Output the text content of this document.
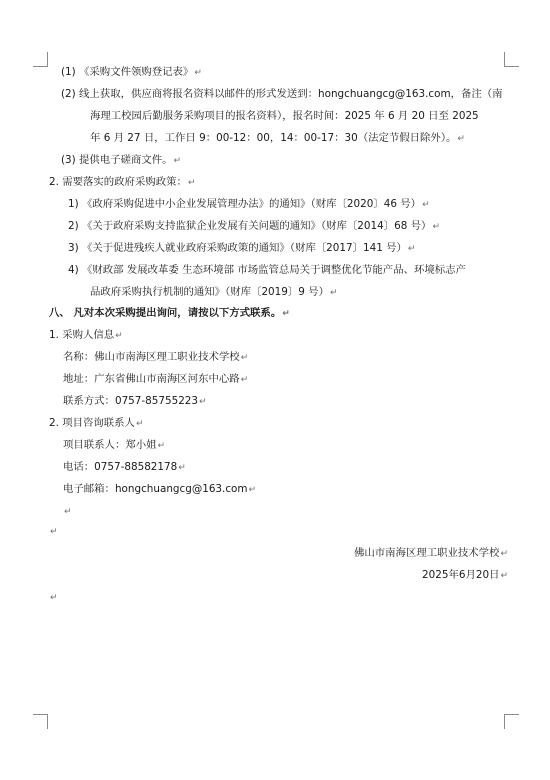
(1) 《采购文件领购登记表》↵
(2) 线上获取，供应商将报名资料以邮件的形式发送到：hongchuangcg@163.com，备注（南
海理工校园后勤服务采购项目的报名资料），报名时间：2025 年 6 月 20 日至 2025
年 6 月 27 日，工作日 9：00-12：00，14：00-17：30（法定节假日除外）。↵
(3) 提供电子磋商文件。↵
2. 需要落实的政府采购政策：↵
1) 《政府采购促进中小企业发展管理办法》的通知》（财库〔2020〕46 号）↵
2) 《关于政府采购支持监狱企业发展有关问题的通知》（财库〔2014〕68 号）↵
3) 《关于促进残疾人就业政府采购政策的通知》（财库〔2017〕141 号）↵
4) 《财政部 发展改革委 生态环境部 市场监管总局关于调整优化节能产品、环境标志产
品政府采购执行机制的通知》（财库〔2019〕9 号）↵
八、 凡对本次采购提出询问，请按以下方式联系。↵
1. 采购人信息↵
名称：佛山市南海区理工职业技术学校↵
地址：广东省佛山市南海区河东中心路↵
联系方式：0757-85755223↵
2. 项目咨询联系人↵
项目联系人：郑小姐↵
电话：0757-88582178↵
电子邮箱：hongchuangcg@163.com↵
↵
↵
佛山市南海区理工职业技术学校↵
2025年6月20日↵
↵
